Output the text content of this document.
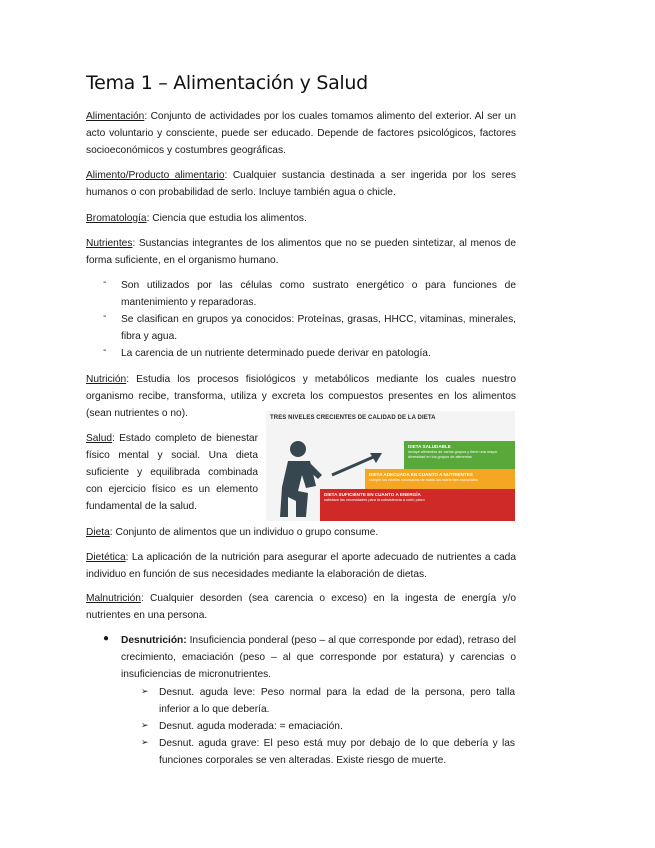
Tema 1 – Alimentación y Salud

Alimentación: Conjunto de actividades por los cuales tomamos alimento del exterior. Al ser un acto voluntario y consciente, puede ser educado. Depende de factores psicológicos, factores socioeconómicos y costumbres geográficas.

Alimento/Producto alimentario: Cualquier sustancia destinada a ser ingerida por los seres humanos o con probabilidad de serlo. Incluye también agua o chicle.

Bromatología: Ciencia que estudia los alimentos.

Nutrientes: Sustancias integrantes de los alimentos que no se pueden sintetizar, al menos de forma suficiente, en el organismo humano.

- Son utilizados por las células como sustrato energético o para funciones de mantenimiento y reparadoras.

- Se clasifican en grupos ya conocidos: Proteínas, grasas, HHCC, vitaminas, minerales, fibra y agua.

- La carencia de un nutriente determinado puede derivar en patología.

Nutrición: Estudia los procesos fisiológicos y metabólicos mediante los cuales nuestro organismo recibe, transforma, utiliza y excreta los compuestos presentes en los alimentos (sean nutrientes o no).

Salud: Estado completo de bienestar físico mental y social. Una dieta suficiente y equilibrada combinada con ejercicio físico es un elemento fundamental de la salud.

TRES NIVELES CRECIENTES DE CALIDAD DE LA DIETA
DIETA SALUDABLE
incluye alimentos de varios grupos y tiene una mayor diversidad en los grupos de alimentos
DIETA ADECUADA EN CUANTO A NUTRIENTES
cumple los niveles necesarios de todos los nutrientes esenciales
DIETA SUFICIENTE EN CUANTO A ENERGÍA
satisface las necesidades para la subsistencia a corto plazo

Dieta: Conjunto de alimentos que un individuo o grupo consume.

Dietética: La aplicación de la nutrición para asegurar el aporte adecuado de nutrientes a cada individuo en función de sus necesidades mediante la elaboración de dietas.

Malnutrición: Cualquier desorden (sea carencia o exceso) en la ingesta de energía y/o nutrientes en una persona.

● Desnutrición: Insuficiencia ponderal (peso – al que corresponde por edad), retraso del crecimiento, emaciación (peso – al que corresponde por estatura) y carencias o insuficiencias de micronutrientes.

➢ Desnut. aguda leve: Peso normal para la edad de la persona, pero talla inferior a lo que debería.

➢ Desnut. aguda moderada: = emaciación.

➢ Desnut. aguda grave: El peso está muy por debajo de lo que debería y las funciones corporales se ven alteradas. Existe riesgo de muerte.
